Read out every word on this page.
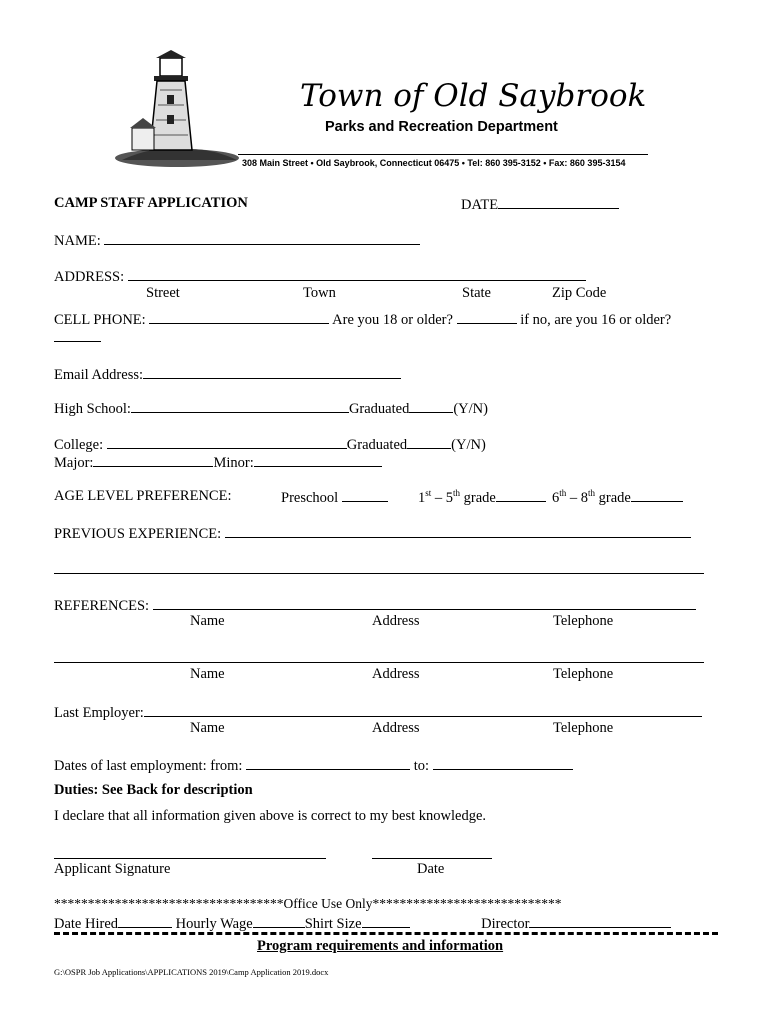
Town of Old Saybrook
Parks and Recreation Department
308 Main Street • Old Saybrook, Connecticut 06475 • Tel: 860 395-3152 • Fax: 860 395-3154
CAMP STAFF APPLICATION	DATE
NAME:
ADDRESS:
Street	Town	State	Zip Code
CELL PHONE:	Are you 18 or older?	if no, are you 16 or older?
Email Address:
High School:	Graduated	(Y/N)
College:	Graduated	(Y/N)
Major:	Minor:
AGE LEVEL PREFERENCE:	Preschool	1st – 5th grade	6th – 8th grade
PREVIOUS EXPERIENCE:
REFERENCES:
Name	Address	Telephone
Name	Address	Telephone
Last Employer:
Name	Address	Telephone
Dates of last employment: from:	to:
Duties: See Back for description
I declare that all information given above is correct to my best knowledge.
Applicant Signature	Date
**********************************Office Use Only****************************
Date Hired	Hourly Wage	Shirt Size	Director
Program requirements and information
G:\OSPR Job Applications\APPLICATIONS 2019\Camp Application 2019.docx
